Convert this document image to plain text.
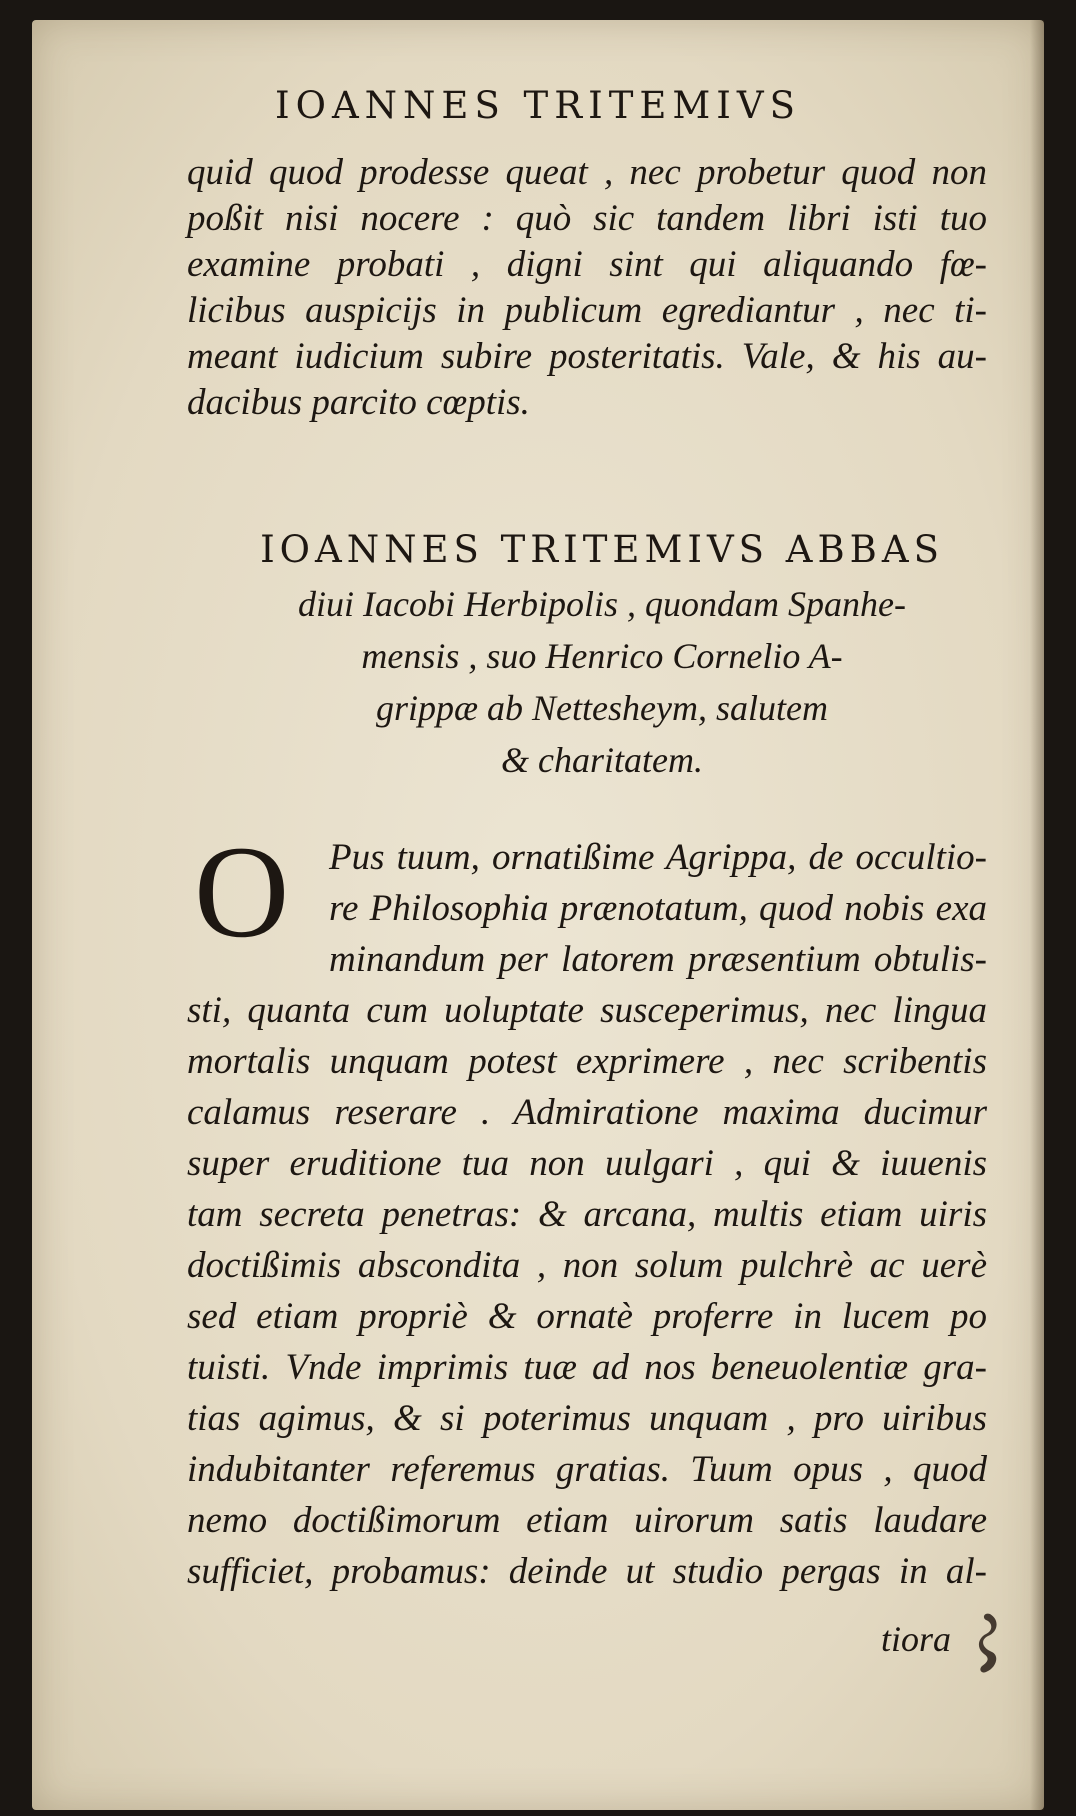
IOANNES TRITEMIVS
quid quod prodesse queat , nec probetur quod non
poßit nisi nocere : quò sic tandem libri isti tuo
examine probati , digni sint qui aliquando fœ-
licibus auspicijs in publicum egrediantur , nec ti-
meant iudicium subire posteritatis. Vale, & his au-
dacibus parcito cœptis.
IOANNES TRITEMIVS ABBAS
diui Iacobi Herbipolis , quondam Spanhe-
mensis , suo Henrico Cornelio A-
grippæ ab Nettesheym, salutem
& charitatem.
O	Pus tuum, ornatißime Agrippa, de occultio-
re Philosophia prænotatum, quod nobis exa
minandum per latorem præsentium obtulis-
sti, quanta cum uoluptate susceperimus, nec lingua
mortalis unquam potest exprimere , nec scribentis
calamus reserare . Admiratione maxima ducimur
super eruditione tua non uulgari , qui & iuuenis
tam secreta penetras: & arcana, multis etiam uiris
doctißimis abscondita , non solum pulchrè ac uerè
sed etiam propriè & ornatè proferre in lucem po
tuisti. Vnde imprimis tuæ ad nos beneuolentiæ gra-
tias agimus, & si poterimus unquam , pro uiribus
indubitanter referemus gratias. Tuum opus , quod
nemo doctißimorum etiam uirorum satis laudare
sufficiet, probamus: deinde ut studio pergas in al-
tiora
